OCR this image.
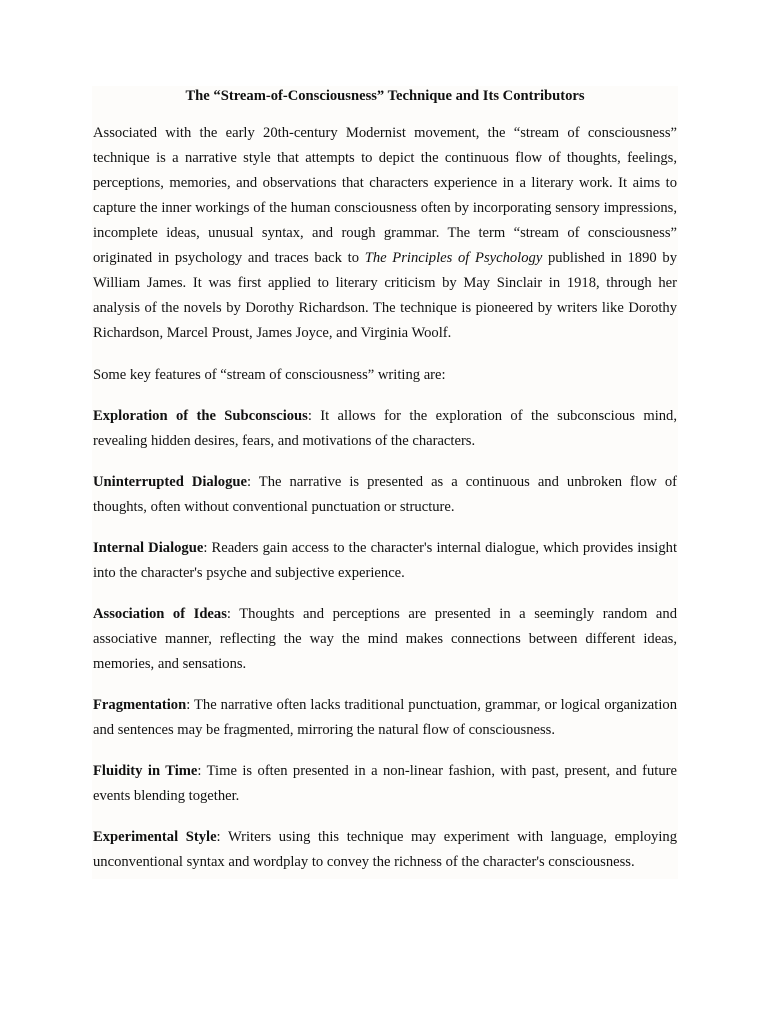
The “Stream-of-Consciousness” Technique and Its Contributors

Associated with the early 20th-century Modernist movement, the “stream of consciousness” technique is a narrative style that attempts to depict the continuous flow of thoughts, feelings, perceptions, memories, and observations that characters experience in a literary work. It aims to capture the inner workings of the human consciousness often by incorporating sensory impressions, incomplete ideas, unusual syntax, and rough grammar. The term “stream of consciousness” originated in psychology and traces back to The Principles of Psychology published in 1890 by William James. It was first applied to literary criticism by May Sinclair in 1918, through her analysis of the novels by Dorothy Richardson. The technique is pioneered by writers like Dorothy Richardson, Marcel Proust, James Joyce, and Virginia Woolf.

Some key features of “stream of consciousness” writing are:

Exploration of the Subconscious: It allows for the exploration of the subconscious mind, revealing hidden desires, fears, and motivations of the characters.

Uninterrupted Dialogue: The narrative is presented as a continuous and unbroken flow of thoughts, often without conventional punctuation or structure.

Internal Dialogue: Readers gain access to the character's internal dialogue, which provides insight into the character's psyche and subjective experience.

Association of Ideas: Thoughts and perceptions are presented in a seemingly random and associative manner, reflecting the way the mind makes connections between different ideas, memories, and sensations.

Fragmentation: The narrative often lacks traditional punctuation, grammar, or logical organization and sentences may be fragmented, mirroring the natural flow of consciousness.

Fluidity in Time: Time is often presented in a non-linear fashion, with past, present, and future events blending together.

Experimental Style: Writers using this technique may experiment with language, employing unconventional syntax and wordplay to convey the richness of the character's consciousness.
